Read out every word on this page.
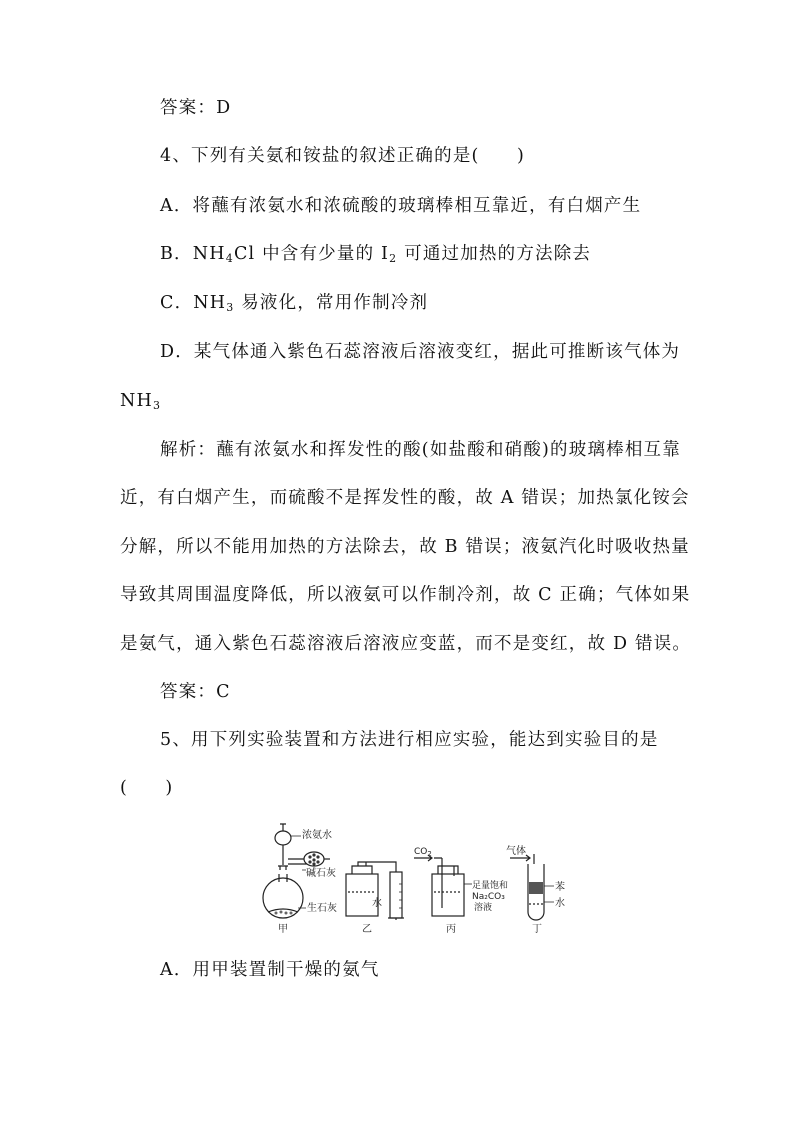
答案：D
4、下列有关氨和铵盐的叙述正确的是(　　)
A．将蘸有浓氨水和浓硫酸的玻璃棒相互靠近，有白烟产生
B．$NH_4Cl$ 中含有少量的 $I_2$ 可通过加热的方法除去
C．$NH_3$ 易液化，常用作制冷剂
D．某气体通入紫色石蕊溶液后溶液变红，据此可推断该气体为
$NH_3$
解析：蘸有浓氨水和挥发性的酸(如盐酸和硝酸)的玻璃棒相互靠
近，有白烟产生，而硫酸不是挥发性的酸，故 A 错误；加热氯化铵会
分解，所以不能用加热的方法除去，故 B 错误；液氨汽化时吸收热量
导致其周围温度降低，所以液氨可以作制冷剂，故 C 正确；气体如果
是氨气，通入紫色石蕊溶液后溶液应变蓝，而不是变红，故 D 错误。
答案：C
5、用下列实验装置和方法进行相应实验，能达到实验目的是
(　　)
浓氨水
碱石灰
生石灰
甲
水
乙
$CO_2$
足量饱和
Na₂CO₃
溶液
丙
气体
苯
水
丁
A．用甲装置制干燥的氨气
